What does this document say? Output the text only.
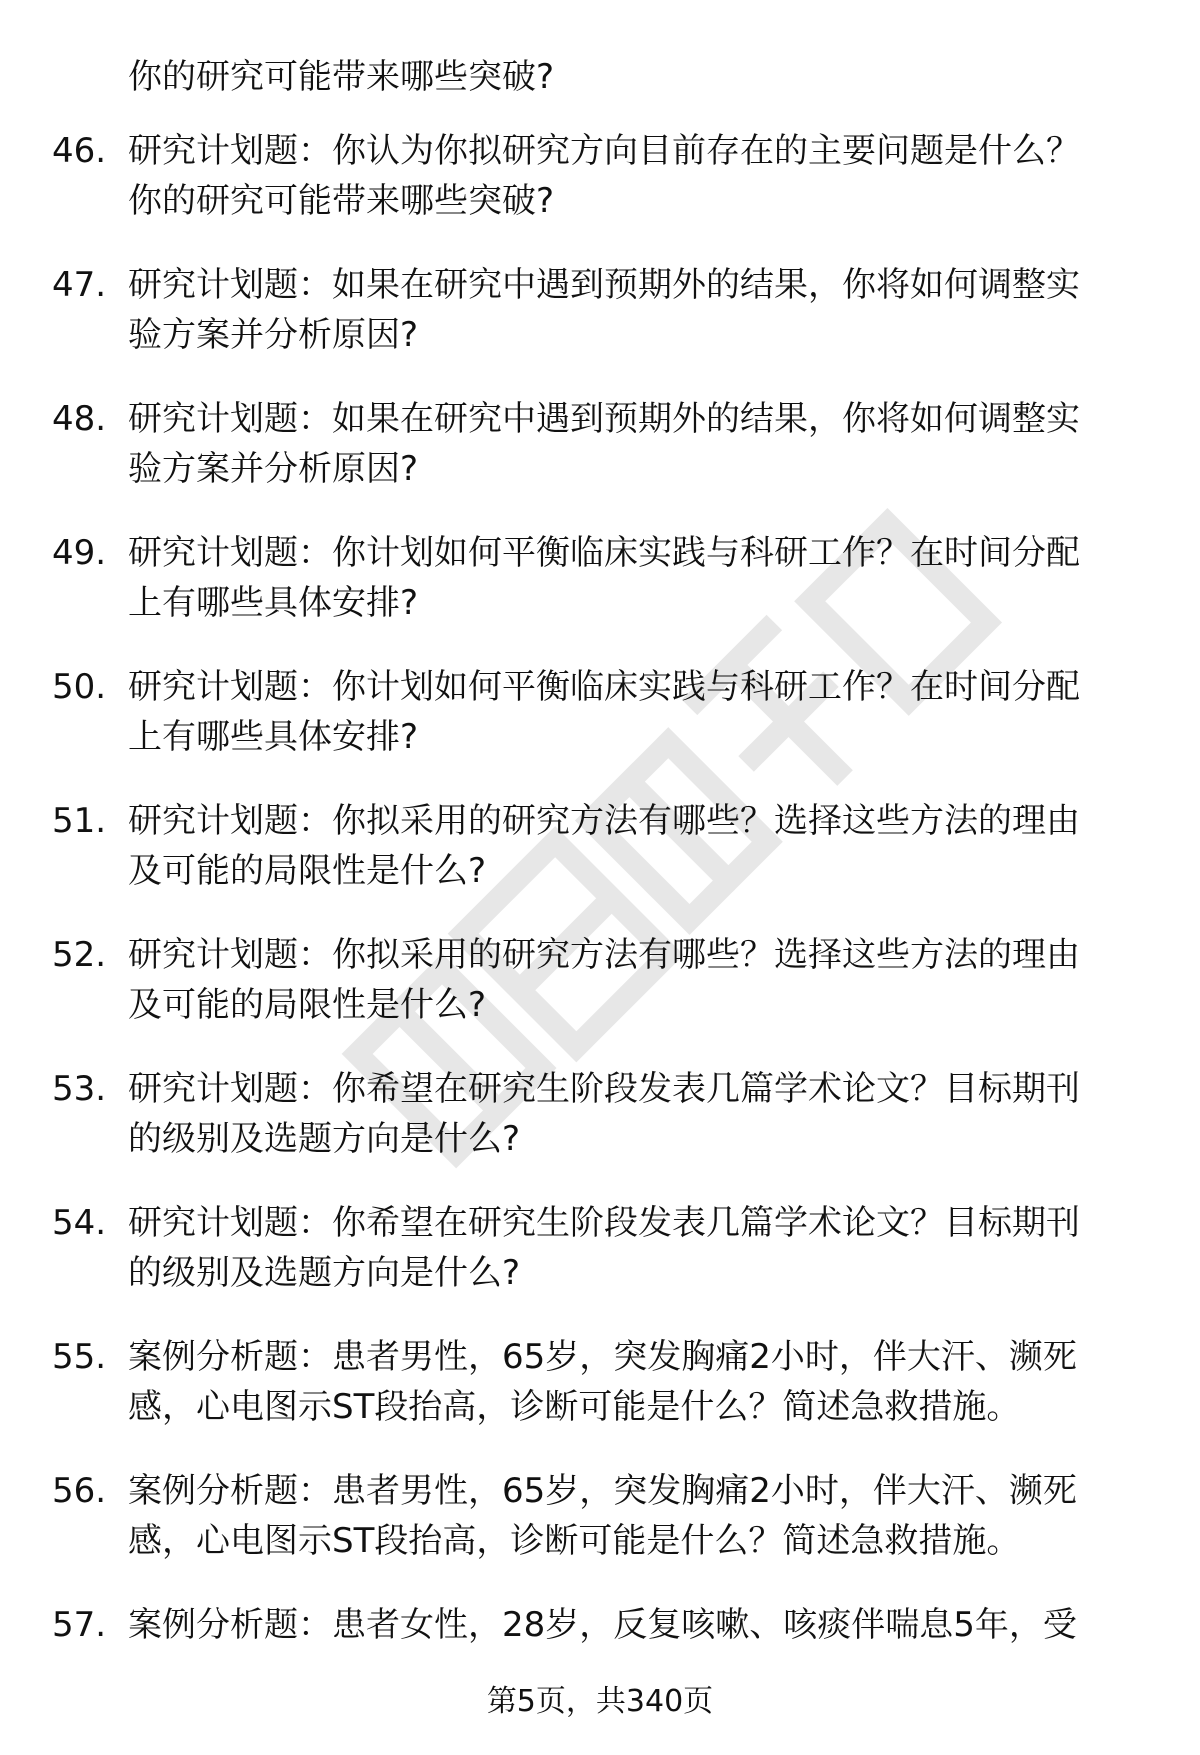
你的研究可能带来哪些突破?
46. 研究计划题：你认为你拟研究方向目前存在的主要问题是什么？
你的研究可能带来哪些突破?
47. 研究计划题：如果在研究中遇到预期外的结果，你将如何调整实
验方案并分析原因?
48. 研究计划题：如果在研究中遇到预期外的结果，你将如何调整实
验方案并分析原因?
49. 研究计划题：你计划如何平衡临床实践与科研工作？在时间分配
上有哪些具体安排?
50. 研究计划题：你计划如何平衡临床实践与科研工作？在时间分配
上有哪些具体安排?
51. 研究计划题：你拟采用的研究方法有哪些？选择这些方法的理由
及可能的局限性是什么?
52. 研究计划题：你拟采用的研究方法有哪些？选择这些方法的理由
及可能的局限性是什么?
53. 研究计划题：你希望在研究生阶段发表几篇学术论文？目标期刊
的级别及选题方向是什么?
54. 研究计划题：你希望在研究生阶段发表几篇学术论文？目标期刊
的级别及选题方向是什么?
55. 案例分析题：患者男性，65岁，突发胸痛2小时，伴大汗、濒死
感，心电图示ST段抬高，诊断可能是什么？简述急救措施。
56. 案例分析题：患者男性，65岁，突发胸痛2小时，伴大汗、濒死
感，心电图示ST段抬高，诊断可能是什么？简述急救措施。
57. 案例分析题：患者女性，28岁，反复咳嗽、咳痰伴喘息5年，受
第5页，共340页
